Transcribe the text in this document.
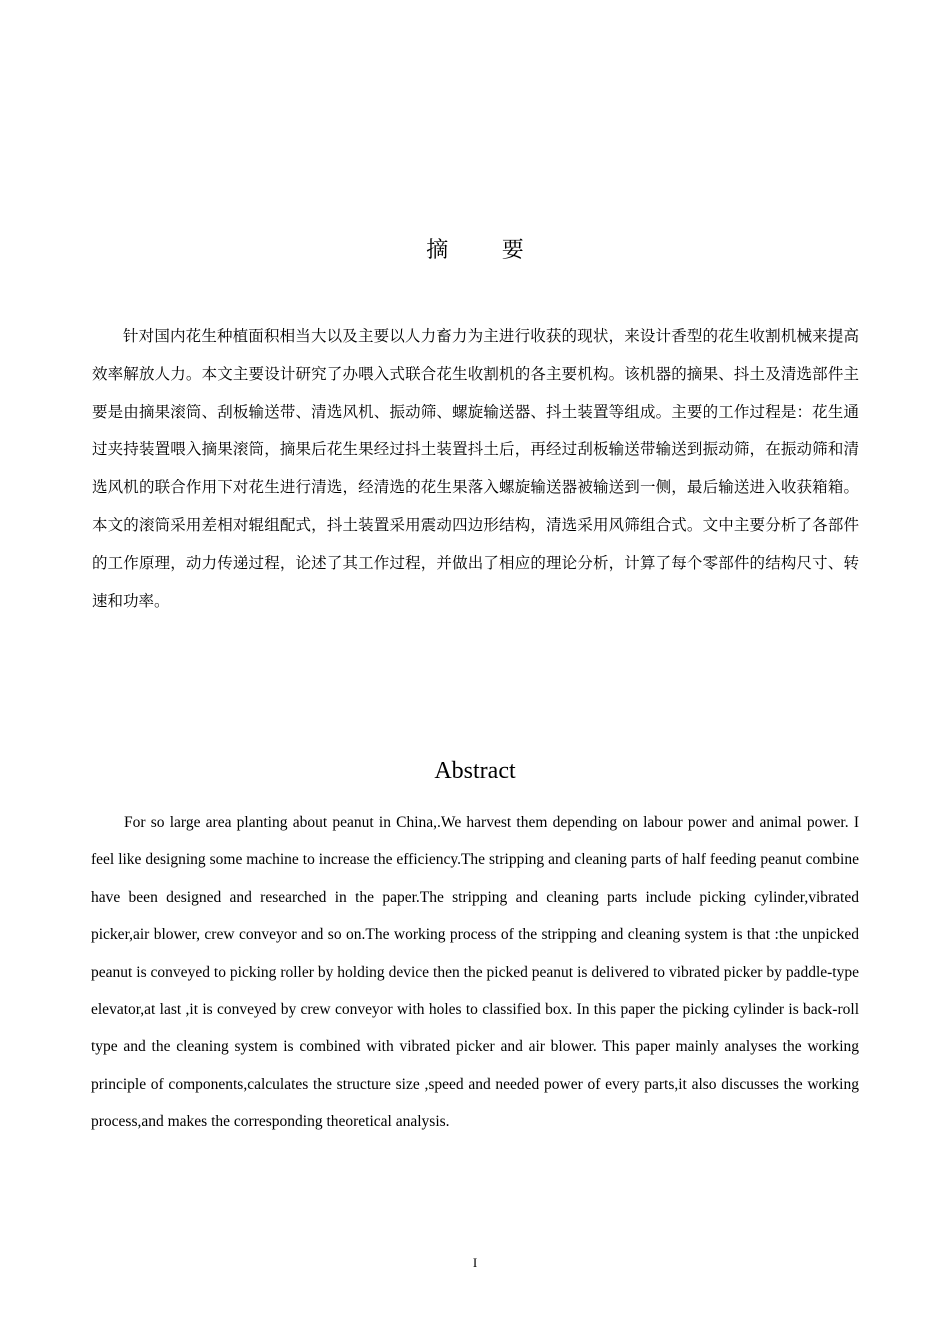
摘 要

针对国内花生种植面积相当大以及主要以人力畜力为主进行收获的现状，来设计香型的花生收割机械来提高效率解放人力。本文主要设计研究了办喂入式联合花生收割机的各主要机构。该机器的摘果、抖土及清选部件主要是由摘果滚筒、刮板输送带、清选风机、振动筛、螺旋输送器、抖土装置等组成。主要的工作过程是：花生通过夹持装置喂入摘果滚筒，摘果后花生果经过抖土装置抖土后，再经过刮板输送带输送到振动筛，在振动筛和清选风机的联合作用下对花生进行清选，经清选的花生果落入螺旋输送器被输送到一侧，最后输送进入收获箱箱。本文的滚筒采用差相对辊组配式，抖土装置采用震动四边形结构，清选采用风筛组合式。文中主要分析了各部件的工作原理，动力传递过程，论述了其工作过程，并做出了相应的理论分析，计算了每个零部件的结构尺寸、转速和功率。

Abstract

For so large area planting about peanut in China,.We harvest them depending on labour power and animal power. I feel like designing some machine to increase the efficiency.The stripping and cleaning parts of half feeding peanut combine have been designed and researched in the paper.The stripping and cleaning parts include picking cylinder,vibrated picker,air blower, crew conveyor and so on.The working process of the stripping and cleaning system is that :the unpicked peanut is conveyed to picking roller by holding device then the picked peanut is delivered to vibrated picker by paddle-type elevator,at last ,it is conveyed by crew conveyor with holes to classified box. In this paper the picking cylinder is back-roll type and the cleaning system is combined with vibrated picker and air blower. This paper mainly analyses the working principle of components,calculates the structure size ,speed and needed power of every parts,it also discusses the working process,and makes the corresponding theoretical analysis.

I
